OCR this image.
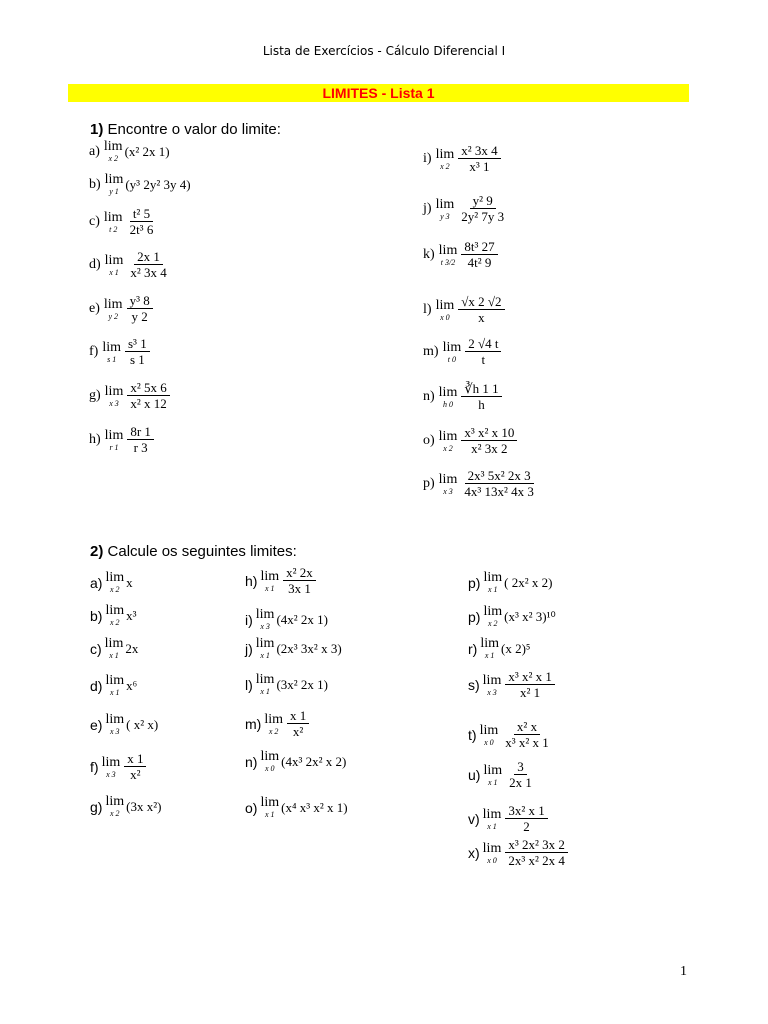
Lista de Exercícios - Cálculo Diferencial I
LIMITES - Lista 1
1) Encontre o valor do limite:
2) Calcule os seguintes limites:
1
a) lim
x 2 (x² 2x 1)
b) lim
y 1 (y³ 2y² 3y 4)
c) lim
t $2 \frac{\text{t² 5}}{\text{2t³ 6}}$
d) lim
x $1 \frac{2x 1}{\text{x² 3x 4}}$
e) lim
y $2 \frac{\text{y³ 8}}{y 2}$
f) lim
s $1 \frac{\text{s³ 1}}{s 1}$
g) lim
x $3 \frac{\text{x² 5x 6}}{\text{x² x 12}}$
h) lim
r $1 \frac{8r 1}{r 3}$
i) lim
x $2 \frac{\text{x² 3x 4}}{\text{x³ 1}}$
j) lim
y $3 \frac{\text{y² 9}}{\text{2y² 7y 3}}$
k) lim
t $3/2 \frac{\text{8t³ 27}}{\text{4t² 9}}$
l) lim
x $0 \frac{√x 2 √2}{x}$
m) lim
t $0 \frac{2 √4 t}{t}$
n) lim
h $0 \frac{∛h 1 1}{h}$
o) lim
x $2 \frac{\text{x³ x² x 10}}{\text{x² 3x 2}}$
p) lim
x $3 \frac{\text{2x³ 5x² 2x 3}}{\text{4x³ 13x² 4x 3}}$
a) lim
x 2 x
b) lim
x 2 x³
c) lim
x 1 2x
d) lim
x 1 x⁶
e) lim
x 3 ( x² x)
f) lim
x $3 \frac{x 1}{\text{x²}}$
g) lim
x 2 (3x x²)
h) lim
x $1 \frac{\text{x² 2x}}{3x 1}$
i) lim
x 3 (4x² 2x 1)
j) lim
x 1 (2x³ 3x² x 3)
l) lim
x 1 (3x² 2x 1)
m) lim
x $2 \frac{x 1}{\text{x²}}$
n) lim
x 0 (4x³ 2x² x 2)
o) lim
x 1 (x⁴ x³ x² x 1)
p) lim
x 1 ( 2x² x 2)
p) lim
x 2 (x³ x² 3)¹⁰
r) lim
x 1 (x 2)⁵
s) lim
x $3 \frac{\text{x³ x² x 1}}{\text{x² 1}}$
t) lim
x $0 \frac{\text{x² x}}{\text{x³ x² x 1}}$
u) lim
x $1 \frac{3}{2x 1}$
v) lim
x $1 \frac{\text{3x² x 1}}{2}$
x) lim
x $0 \frac{\text{x³ 2x² 3x 2}}{\text{2x³ x² 2x 4}}$
